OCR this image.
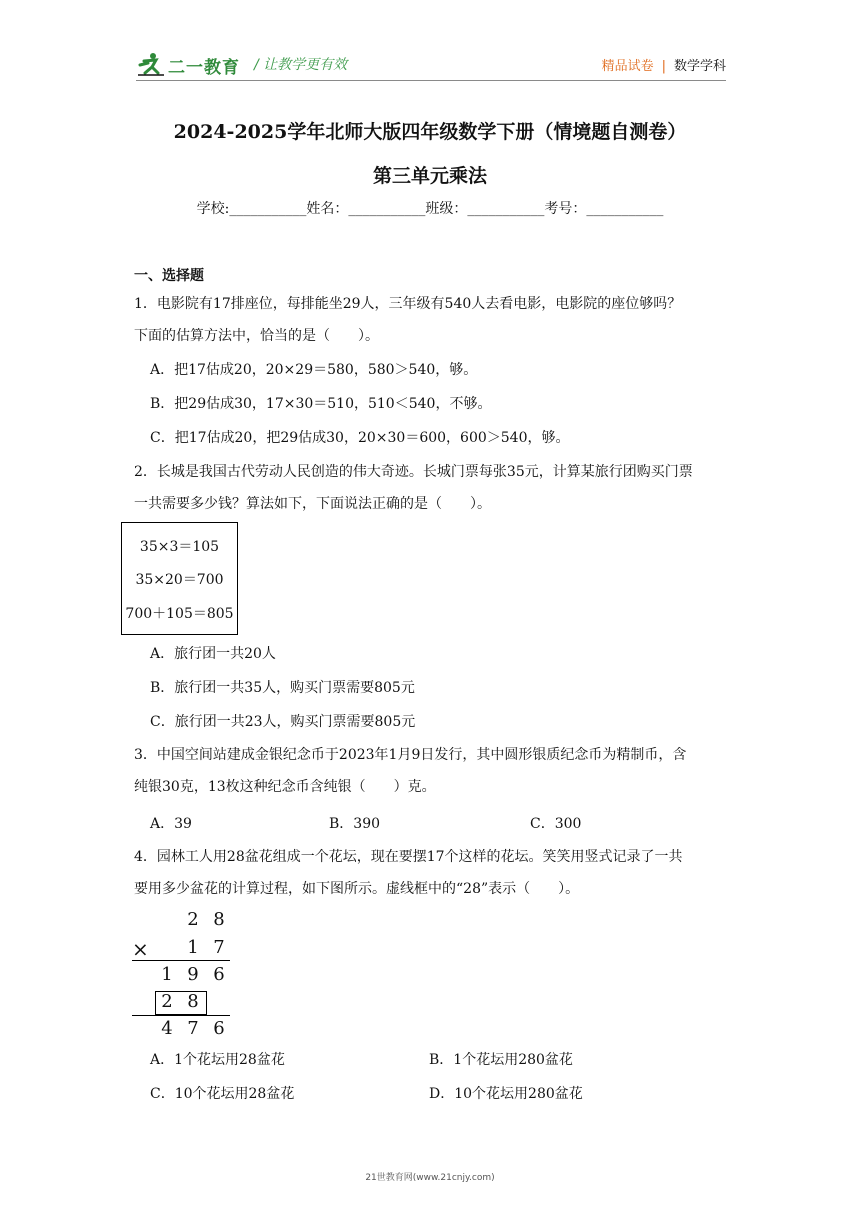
二一教育 / 让教学更有效	精品试卷 | 数学学科
2024-2025学年北师大版四年级数学下册（情境题自测卷）
第三单元乘法
学校:___________姓名：___________班级：___________考号：___________
一、选择题
1．电影院有17排座位，每排能坐29人，三年级有540人去看电影，电影院的座位够吗？
下面的估算方法中，恰当的是（　　）。
A．把17估成20，20×29＝580，580＞540，够。
B．把29估成30，17×30＝510，510＜540，不够。
C．把17估成20，把29估成30，20×30＝600，600＞540，够。
2．长城是我国古代劳动人民创造的伟大奇迹。长城门票每张35元，计算某旅行团购买门票
一共需要多少钱？算法如下，下面说法正确的是（　　）。
35×3＝105
35×20＝700
700＋105＝805
A．旅行团一共20人
B．旅行团一共35人，购买门票需要805元
C．旅行团一共23人，购买门票需要805元
3．中国空间站建成金银纪念币于2023年1月9日发行，其中圆形银质纪念币为精制币，含
纯银30克，13枚这种纪念币含纯银（　　）克。
A．39	B．390	C．300
4．园林工人用28盆花组成一个花坛，现在要摆17个这样的花坛。笑笑用竖式记录了一共
要用多少盆花的计算过程，如下图所示。虚线框中的“28”表示（　　）。
2 8
× 1 7
1 9 6
2 8
4 7 6
A．1个花坛用28盆花	B．1个花坛用280盆花
C．10个花坛用28盆花	D．10个花坛用280盆花
21世教育网(www.21cnjy.com)
